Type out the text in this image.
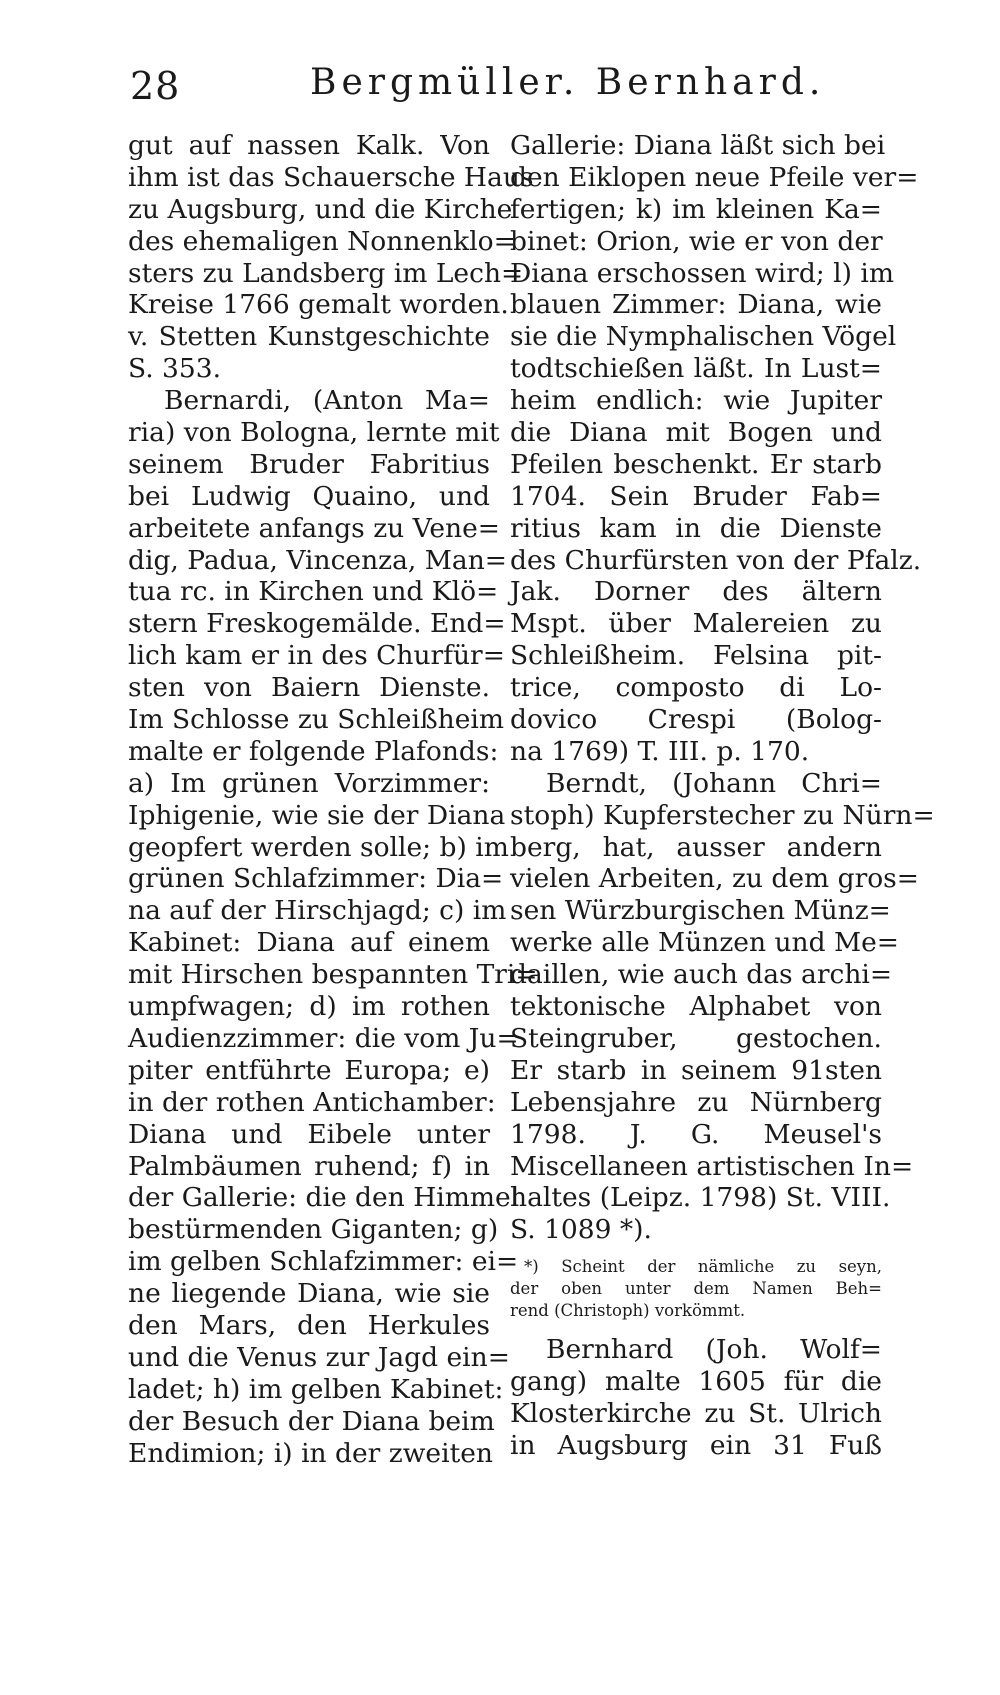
28	Bergmüller. Bernhard.
gut auf nassen Kalk. Von
ihm ist das Schauersche Haus
zu Augsburg, und die Kirche
des ehemaligen Nonnenklo=
sters zu Landsberg im Lech=
Kreise 1766 gemalt worden.
v. Stetten Kunstgeschichte
S. 353.
Bernardi, (Anton Ma=
ria) von Bologna, lernte mit
seinem Bruder Fabritius
bei Ludwig Quaino, und
arbeitete anfangs zu Vene=
dig, Padua, Vincenza, Man=
tua rc. in Kirchen und Klö=
stern Freskogemälde. End=
lich kam er in des Churfür=
sten von Baiern Dienste.
Im Schlosse zu Schleißheim
malte er folgende Plafonds:
a) Im grünen Vorzimmer:
Iphigenie, wie sie der Diana
geopfert werden solle; b) im
grünen Schlafzimmer: Dia=
na auf der Hirschjagd; c) im
Kabinet: Diana auf einem
mit Hirschen bespannten Tri=
umpfwagen; d) im rothen
Audienzzimmer: die vom Ju=
piter entführte Europa; e)
in der rothen Antichamber:
Diana und Eibele unter
Palmbäumen ruhend; f) in
der Gallerie: die den Himmel
bestürmenden Giganten; g)
im gelben Schlafzimmer: ei=
ne liegende Diana, wie sie
den Mars, den Herkules
und die Venus zur Jagd ein=
ladet; h) im gelben Kabinet:
der Besuch der Diana beim
Endimion; i) in der zweiten
Gallerie: Diana läßt sich bei
den Eiklopen neue Pfeile ver=
fertigen; k) im kleinen Ka=
binet: Orion, wie er von der
Diana erschossen wird; l) im
blauen Zimmer: Diana, wie
sie die Nymphalischen Vögel
todtschießen läßt. In Lust=
heim endlich: wie Jupiter
die Diana mit Bogen und
Pfeilen beschenkt. Er starb
1704. Sein Bruder Fab=
ritius kam in die Dienste
des Churfürsten von der Pfalz.
Jak. Dorner des ältern
Mspt. über Malereien zu
Schleißheim. Felsina pit-
trice, composto di Lo-
dovico Crespi (Bolog-
na 1769) T. III. p. 170.
Berndt, (Johann Chri=
stoph) Kupferstecher zu Nürn=
berg, hat, ausser andern
vielen Arbeiten, zu dem gros=
sen Würzburgischen Münz=
werke alle Münzen und Me=
daillen, wie auch das archi=
tektonische Alphabet von
Steingruber, gestochen.
Er starb in seinem 91sten
Lebensjahre zu Nürnberg
1798. J. G. Meusel's
Miscellaneen artistischen In=
haltes (Leipz. 1798) St. VIII.
S. 1089 *).
*) Scheint der nämliche zu seyn,
der oben unter dem Namen Beh=
rend (Christoph) vorkömmt.
Bernhard (Joh. Wolf=
gang) malte 1605 für die
Klosterkirche zu St. Ulrich
in Augsburg ein 31 Fuß
